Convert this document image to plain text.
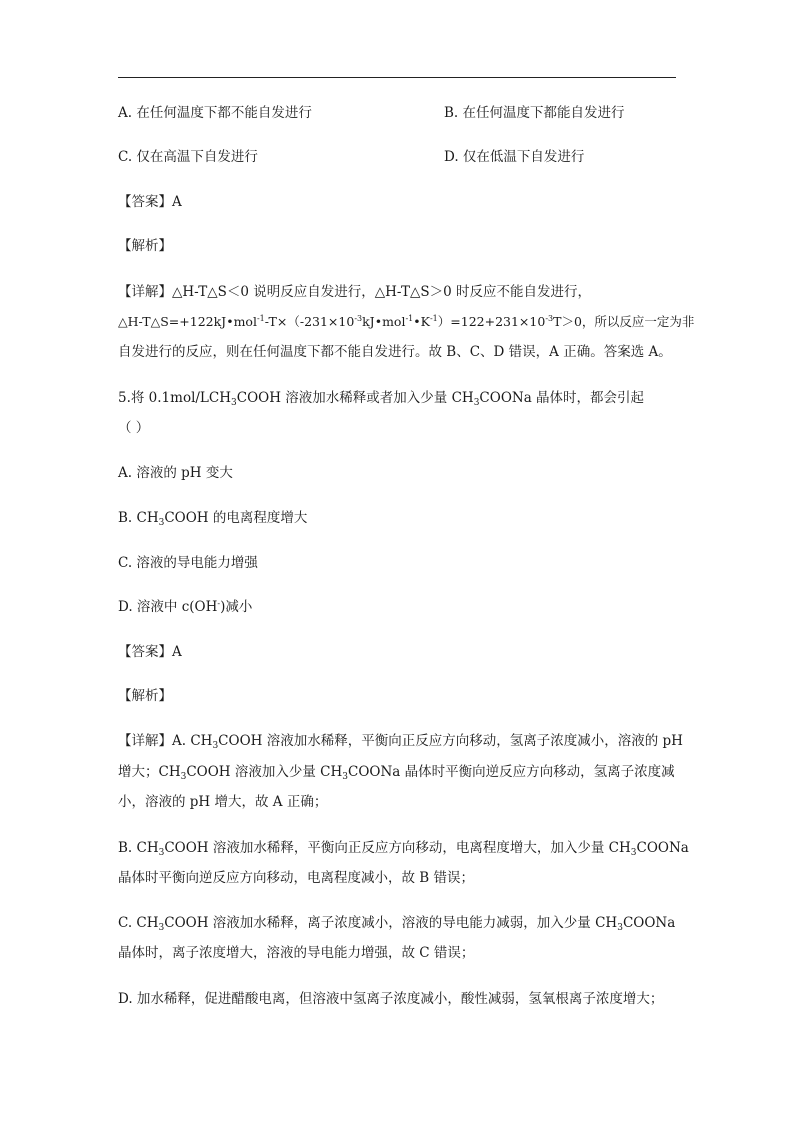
A. 在任何温度下都不能自发进行	B. 在任何温度下都能自发进行
C. 仅在高温下自发进行	D. 仅在低温下自发进行
【答案】A
【解析】
【详解】△H-T△S＜0 说明反应自发进行，△H-T△S＞0 时反应不能自发进行，
$\triangle H-T\triangle S=+122kJ•mol^{-1}-T\times(-231\times 10^{-3}kJ•mol^{-1}•K^{-1})=122+231\times 10^{-3}T>0$，所以反应一定为非
自发进行的反应，则在任何温度下都不能自发进行。故 B、C、D 错误，A 正确。答案选 A。
5.将 $0.1mol/LCH_3COOH$ 溶液加水稀释或者加入少量 $CH_3COONa$ 晶体时，都会引起
（ ）
A. 溶液的 pH 变大
B. $CH_3COOH$ 的电离程度增大
C. 溶液的导电能力增强
D. 溶液中 c(OH-)减小
【答案】A
【解析】
【详解】A. $CH_3COOH$ 溶液加水稀释，平衡向正反应方向移动，氢离子浓度减小，溶液的 pH
增大；$CH_3COOH$ 溶液加入少量 $CH_3COONa$ 晶体时平衡向逆反应方向移动，氢离子浓度减
小，溶液的 pH 增大，故 A 正确；
B. $CH_3COOH$ 溶液加水稀释，平衡向正反应方向移动，电离程度增大，加入少量 $CH_3COONa$
晶体时平衡向逆反应方向移动，电离程度减小，故 B 错误；
C. $CH_3COOH$ 溶液加水稀释，离子浓度减小，溶液的导电能力减弱，加入少量 $CH_3COONa$
晶体时，离子浓度增大，溶液的导电能力增强，故 C 错误；
D. 加水稀释，促进醋酸电离，但溶液中氢离子浓度减小，酸性减弱，氢氧根离子浓度增大；
